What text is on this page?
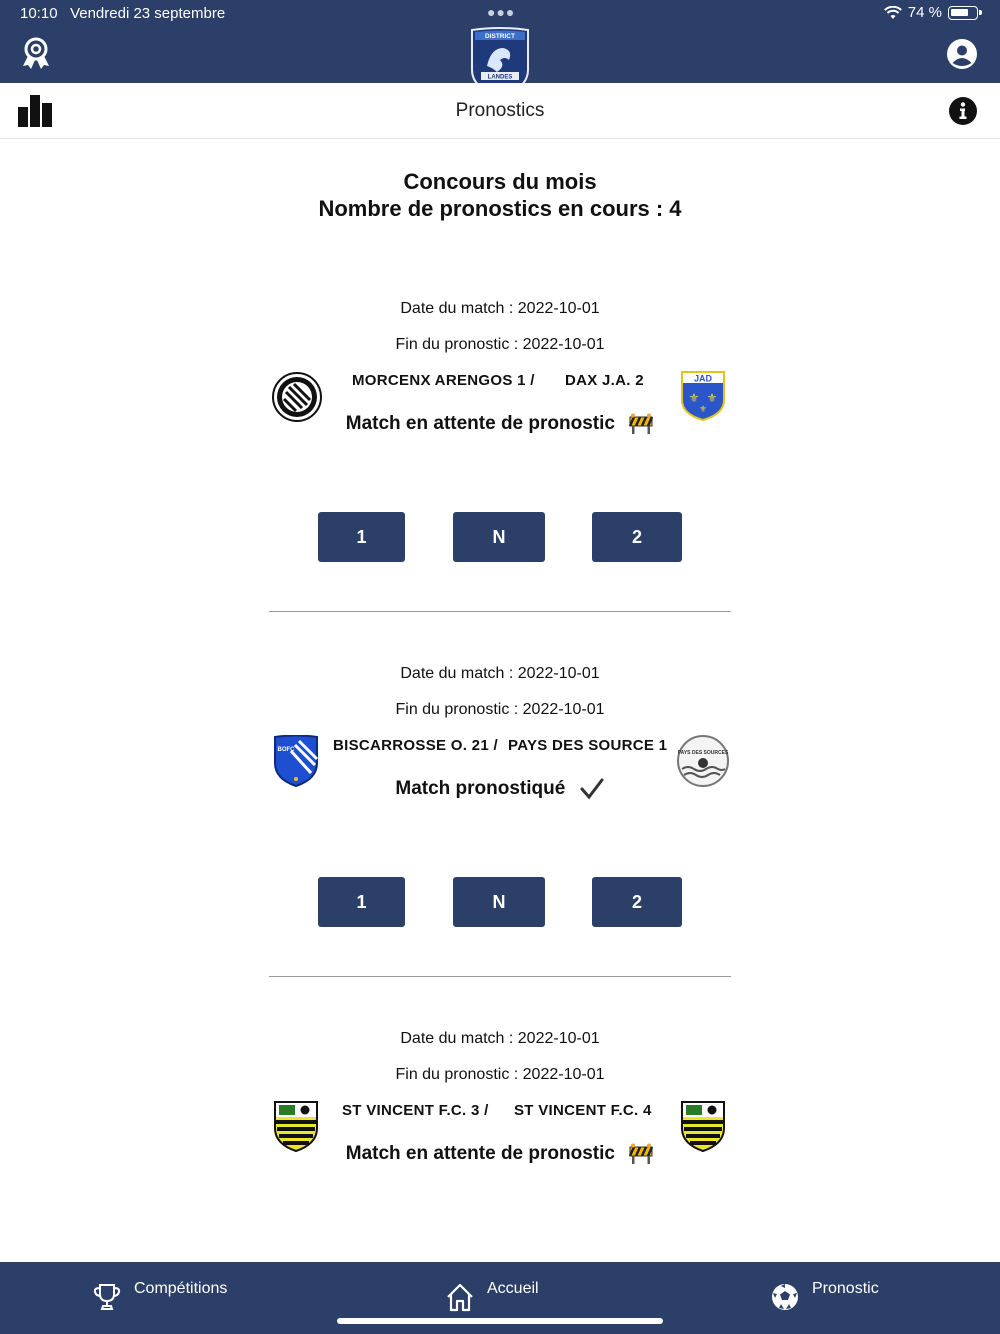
10:10 Vendredi 23 septembre	●●●	74 %
DISTRICT
LANDES
Pronostics
Concours du mois
Nombre de pronostics en cours : 4
Date du match : 2022-10-01
Fin du pronostic : 2022-10-01
MORCENX ARENGOS 1 / DAX J.A. 2	JAD
⚜ ⚜
⚜
Match en attente de pronostic
1	N	2
Date du match : 2022-10-01
Fin du pronostic : 2022-10-01
BOFC	BISCARROSSE O. 21 / PAYS DES SOURCE 1 PAYS DES SOURCES
Match pronostiqué
1	N	2
Date du match : 2022-10-01
Fin du pronostic : 2022-10-01
ST VINCENT F.C. 3 / ST VINCENT F.C. 4
Match en attente de pronostic
Compétitions	Accueil	Pronostic
